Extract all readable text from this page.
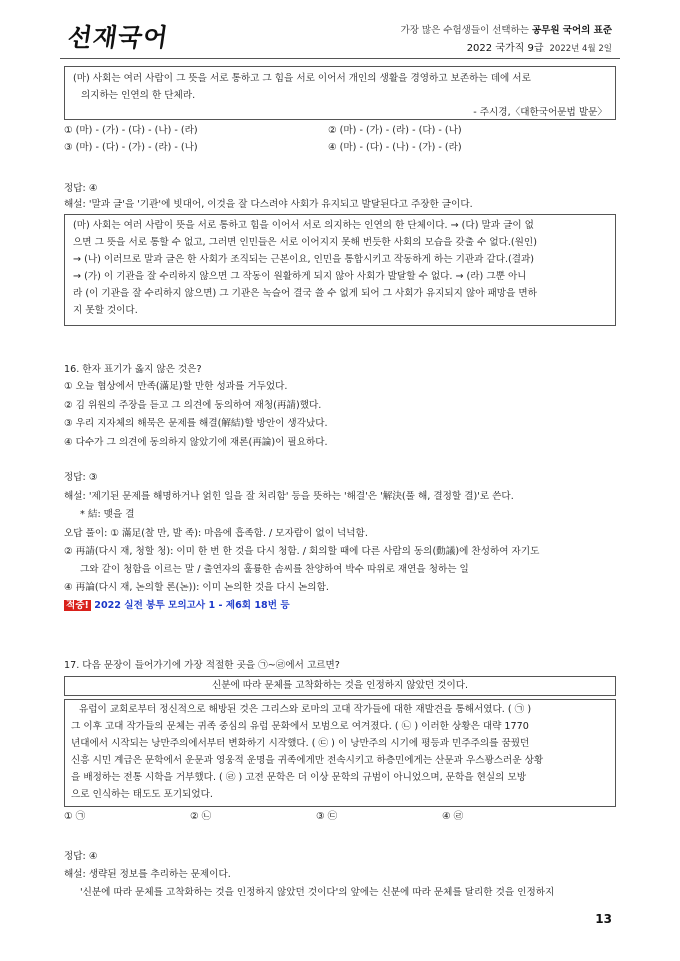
선재국어	가장 많은 수험생들이 선택하는 공무원 국어의 표준
2022 국가직 9급 2022년 4월 2일
(마) 사회는 여러 사람이 그 뜻을 서로 통하고 그 힘을 서로 이어서 개인의 생활을 경영하고 보존하는 데에 서로
의지하는 인연의 한 단체라.
- 주시경,〈대한국어문법 발문〉
① (마) - (가) - (다) - (나) - (라)	② (마) - (가) - (라) - (다) - (나)
③ (마) - (다) - (가) - (라) - (나)	④ (마) - (다) - (나) - (가) - (라)
정답: ④
해설: '말과 글'을 '기관'에 빗대어, 이것을 잘 다스려야 사회가 유지되고 발달된다고 주장한 글이다.
(마) 사회는 여러 사람이 뜻을 서로 통하고 힘을 이어서 서로 의지하는 인연의 한 단체이다. → (다) 말과 글이 없
으면 그 뜻을 서로 통할 수 없고, 그러면 인민들은 서로 이어지지 못해 번듯한 사회의 모습을 갖출 수 없다.(원인)
→ (나) 이러므로 말과 글은 한 사회가 조직되는 근본이요, 인민을 통합시키고 작동하게 하는 기관과 같다.(결과)
→ (가) 이 기관을 잘 수리하지 않으면 그 작동이 원활하게 되지 않아 사회가 발달할 수 없다. → (라) 그뿐 아니
라 (이 기관을 잘 수리하지 않으면) 그 기관은 녹슬어 결국 쓸 수 없게 되어 그 사회가 유지되지 않아 패망을 면하
지 못할 것이다.
16. 한자 표기가 옳지 않은 것은?
① 오늘 협상에서 만족(滿足)할 만한 성과를 거두었다.
② 김 위원의 주장을 듣고 그 의견에 동의하여 재청(再請)했다.
③ 우리 지자체의 해묵은 문제를 해결(解結)할 방안이 생각났다.
④ 다수가 그 의견에 동의하지 않았기에 재론(再論)이 필요하다.
정답: ③
해설: '제기된 문제를 해명하거나 얽힌 일을 잘 처리함' 등을 뜻하는 '해결'은 '解決(풀 해, 결정할 결)'로 쓴다.
* 結: 맺을 결
오답 풀이: ① 滿足(찰 만, 발 족): 마음에 흡족함. / 모자람이 없이 넉넉함.
② 再請(다시 재, 청할 청): 이미 한 번 한 것을 다시 청함. / 회의할 때에 다른 사람의 동의(動議)에 찬성하여 자기도
그와 같이 청함을 이르는 말 / 출연자의 훌륭한 솜씨를 찬양하여 박수 따위로 재연을 청하는 일
④ 再論(다시 재, 논의할 론(논)): 이미 논의한 것을 다시 논의함.
적중! 2022 실전 봉투 모의고사 1 - 제6회 18번 등
17. 다음 문장이 들어가기에 가장 적절한 곳을 ㉠~㉣에서 고르면?
신분에 따라 문체를 고착화하는 것을 인정하지 않았던 것이다.
유럽이 교회로부터 정신적으로 해방된 것은 그리스와 로마의 고대 작가들에 대한 재발견을 통해서였다. ( ㉠ )
그 이후 고대 작가들의 문체는 귀족 중심의 유럽 문화에서 모범으로 여겨졌다. ( ㉡ ) 이러한 상황은 대략 1770
년대에서 시작되는 낭만주의에서부터 변화하기 시작했다. ( ㉢ ) 이 낭만주의 시기에 평등과 민주주의를 꿈꿨던
신흥 시민 계급은 문학에서 운문과 영웅적 운명을 귀족에게만 전속시키고 하층민에게는 산문과 우스꽝스러운 상황
을 배정하는 전통 시학을 거부했다. ( ㉣ ) 고전 문학은 더 이상 문학의 규범이 아니었으며, 문학을 현실의 모방
으로 인식하는 태도도 포기되었다.
① ㉠	② ㉡	③ ㉢	④ ㉣
정답: ④
해설: 생략된 정보를 추리하는 문제이다.
'신분에 따라 문체를 고착화하는 것을 인정하지 않았던 것이다'의 앞에는 신분에 따라 문체를 달리한 것을 인정하지
13
